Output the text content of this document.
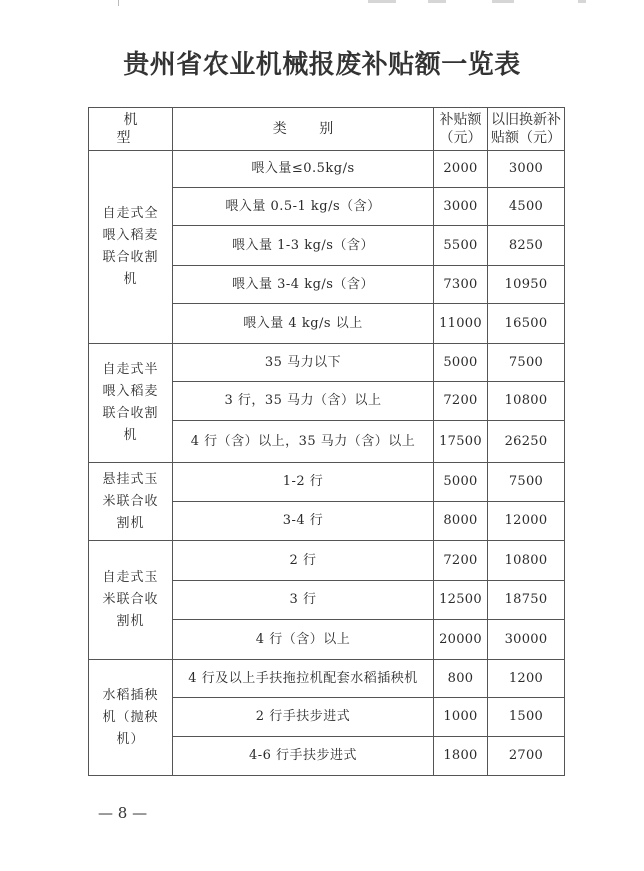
贵州省农业机械报废补贴额一览表
机 型	类 别	补贴额（元）	以旧换新补贴额（元）
自走式全喂入稻麦联合收割机	喂入量≤0.5kg/s	2000	3000
	喂入量 0.5-1 kg/s（含）	3000	4500
	喂入量 1-3 kg/s（含）	5500	8250
	喂入量 3-4 kg/s（含）	7300	10950
	喂入量 4 kg/s 以上	11000	16500
自走式半喂入稻麦联合收割机	35 马力以下	5000	7500
	3 行，35 马力（含）以上	7200	10800
	4 行（含）以上，35 马力（含）以上	17500	26250
悬挂式玉米联合收割机	1-2 行	5000	7500
	3-4 行	8000	12000
自走式玉米联合收割机	2 行	7200	10800
	3 行	12500	18750
	4 行（含）以上	20000	30000
水稻插秧机（抛秧机）	4 行及以上手扶拖拉机配套水稻插秧机	800	1200
	2 行手扶步进式	1000	1500
	4-6 行手扶步进式	1800	2700
— 8 —
